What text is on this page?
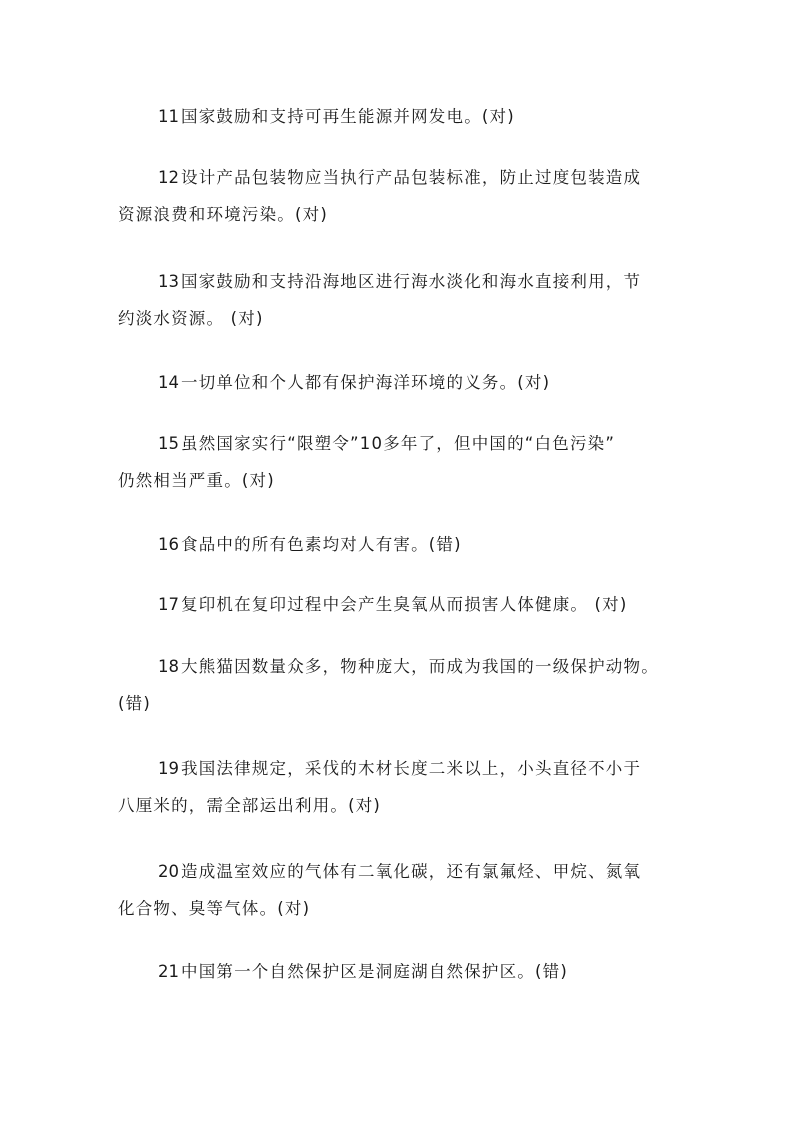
11 国家鼓励和支持可再生能源并网发电。(对)

12 设计产品包装物应当执行产品包装标准，防止过度包装造成
资源浪费和环境污染。(对)

13 国家鼓励和支持沿海地区进行海水淡化和海水直接利用，节
约淡水资源。 (对)

14 一切单位和个人都有保护海洋环境的义务。(对)

15 虽然国家实行“限塑令”10多年了，但中国的“白色污染”
仍然相当严重。(对)

16 食品中的所有色素均对人有害。(错)

17 复印机在复印过程中会产生臭氧从而损害人体健康。 (对)

18 大熊猫因数量众多，物种庞大，而成为我国的一级保护动物。
(错)

19 我国法律规定，采伐的木材长度二米以上，小头直径不小于
八厘米的，需全部运出利用。(对)

20 造成温室效应的气体有二氧化碳，还有氯氟烃、甲烷、氮氧
化合物、臭等气体。(对)

21 中国第一个自然保护区是洞庭湖自然保护区。(错)
